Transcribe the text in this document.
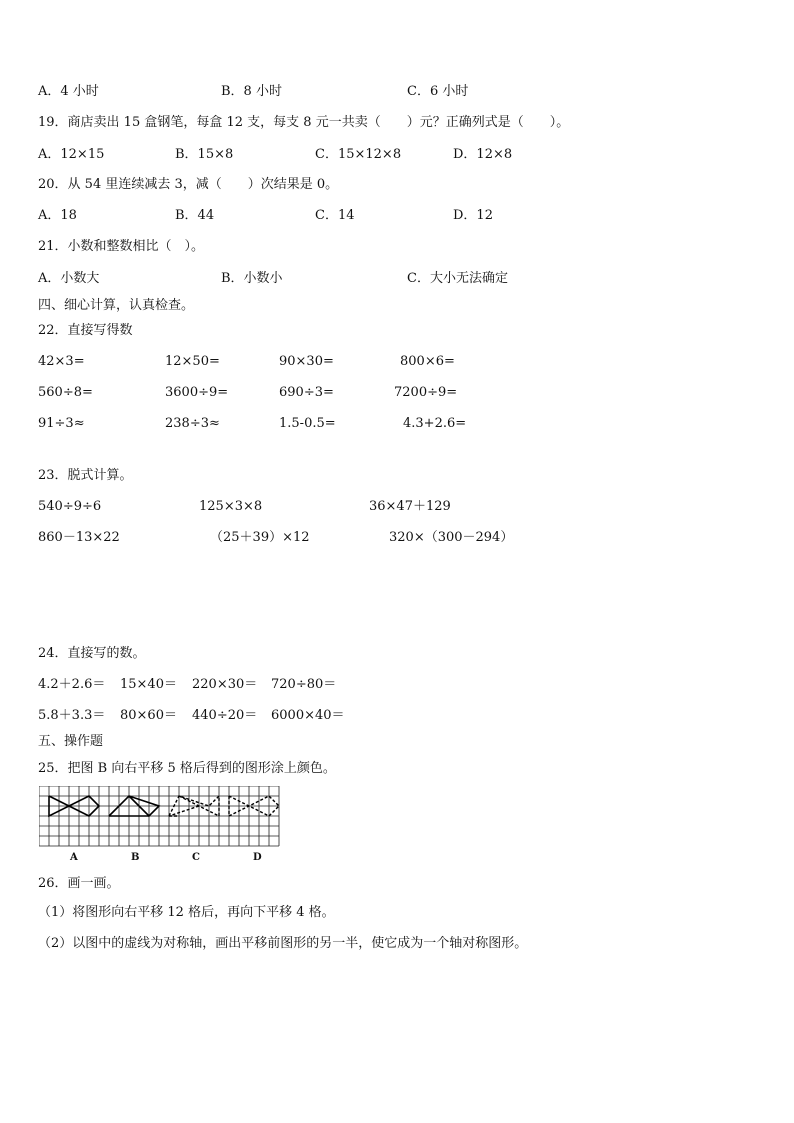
A．4 小时	B．8 小时	C．6 小时
19．商店卖出 15 盒钢笔，每盒 12 支，每支 8 元一共卖（　　）元？正确列式是（　　）。
A．12×15	B．15×8	C．15×12×8	D．12×8
20．从 54 里连续减去 3，减（　　）次结果是 0。
A．18	B．44	C．14	D．12
21．小数和整数相比（　）。
A．小数大	B．小数小	C．大小无法确定
四、细心计算，认真检查。
22．直接写得数
42×3=	12×50=	90×30=	800×6=
560÷8=	3600÷9=	690÷3=	7200÷9=
91÷3≈	238÷3≈	1.5-0.5=	4.3+2.6=
23．脱式计算。
540÷9÷6	125×3×8	36×47＋129
860－13×22	（25＋39）×12	320×（300－294）
24．直接写的数。
4.2＋2.6＝ 15×40＝ 220×30＝ 720÷80＝
5.8＋3.3＝ 80×60＝ 440÷20＝ 6000×40＝
五、操作题
25．把图 B 向右平移 5 格后得到的图形涂上颜色。
A	B	C	D
26．画一画。
（1）将图形向右平移 12 格后，再向下平移 4 格。
（2）以图中的虚线为对称轴，画出平移前图形的另一半，使它成为一个轴对称图形。
